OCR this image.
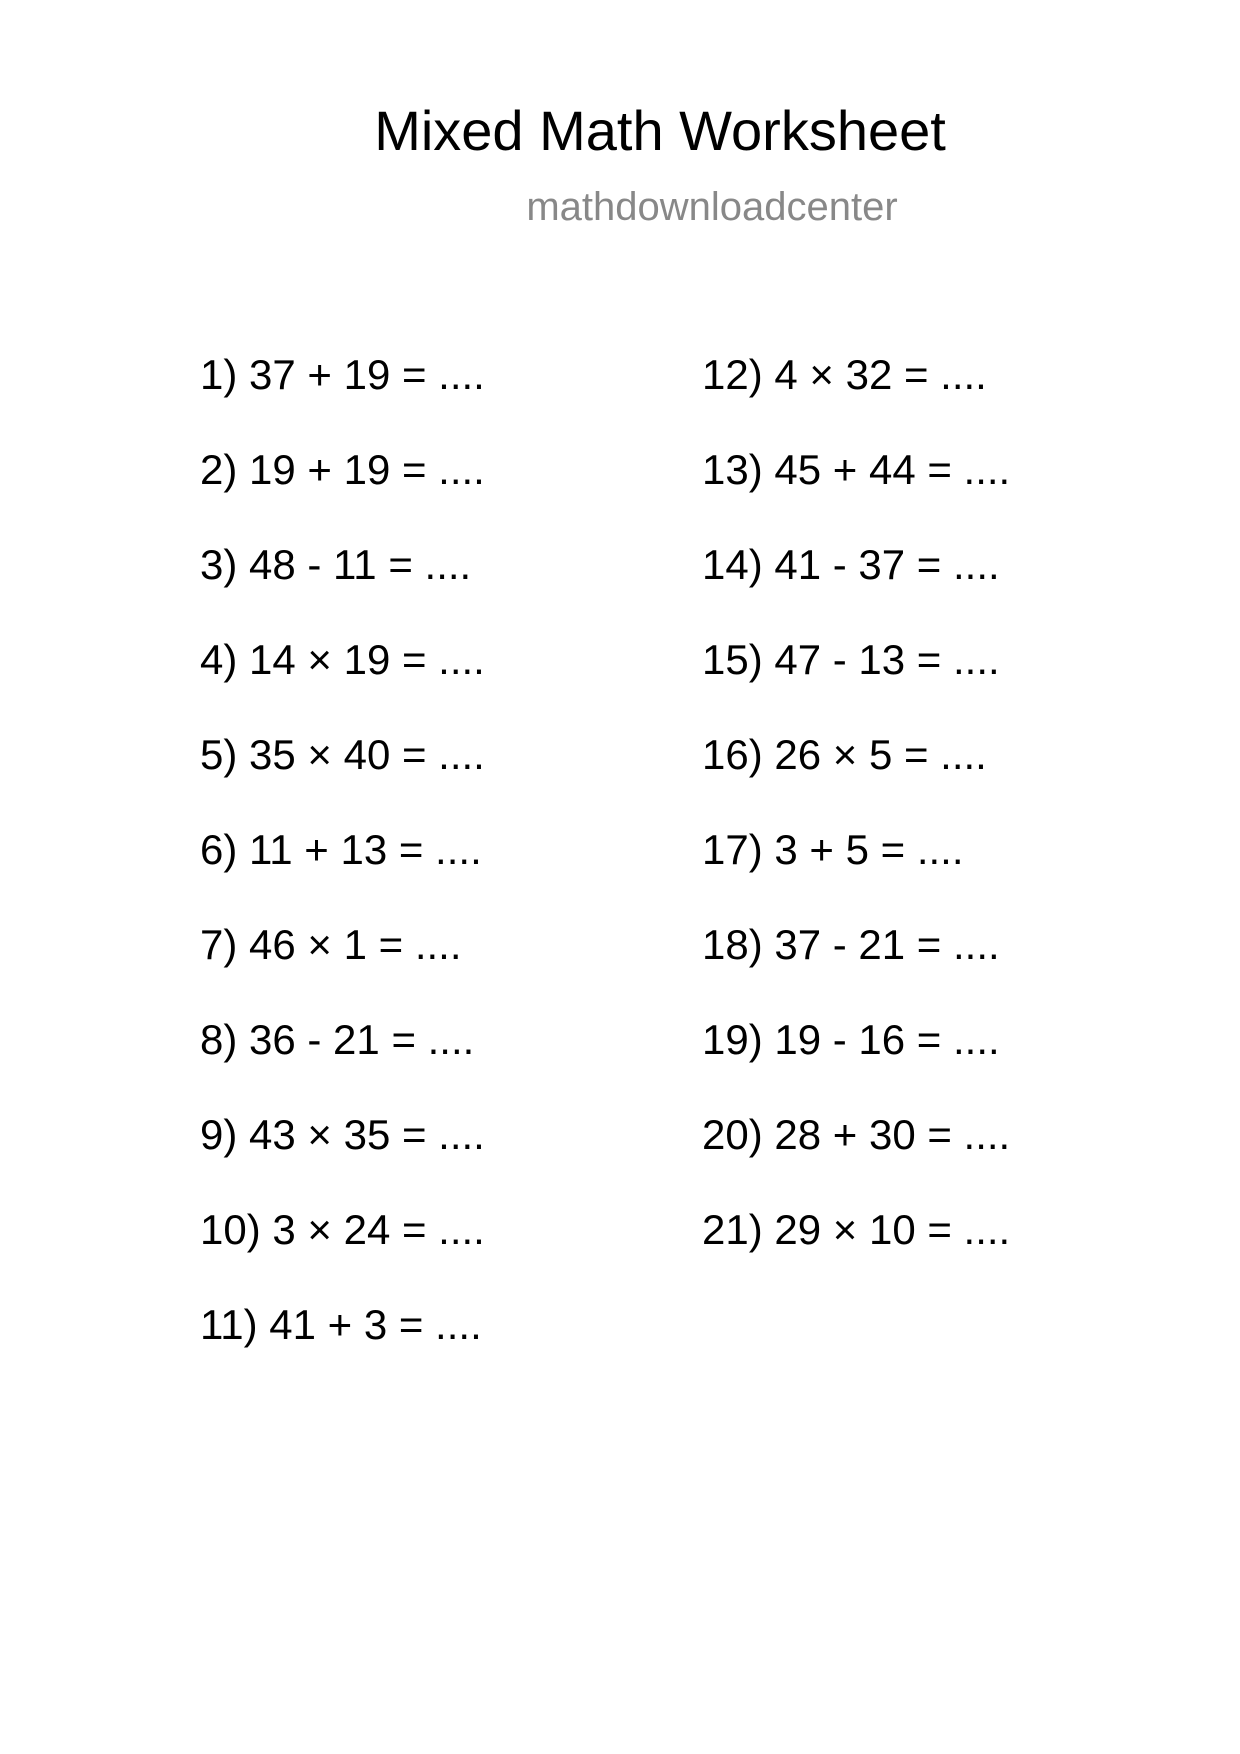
Mixed Math Worksheet
mathdownloadcenter
1) 37 + 19 = ....
2) 19 + 19 = ....
3) 48 - 11 = ....
4) 14 × 19 = ....
5) 35 × 40 = ....
6) 11 + 13 = ....
7) 46 × 1 = ....
8) 36 - 21 = ....
9) 43 × 35 = ....
10) 3 × 24 = ....
11) 41 + 3 = ....
12) 4 × 32 = ....
13) 45 + 44 = ....
14) 41 - 37 = ....
15) 47 - 13 = ....
16) 26 × 5 = ....
17) 3 + 5 = ....
18) 37 - 21 = ....
19) 19 - 16 = ....
20) 28 + 30 = ....
21) 29 × 10 = ....
